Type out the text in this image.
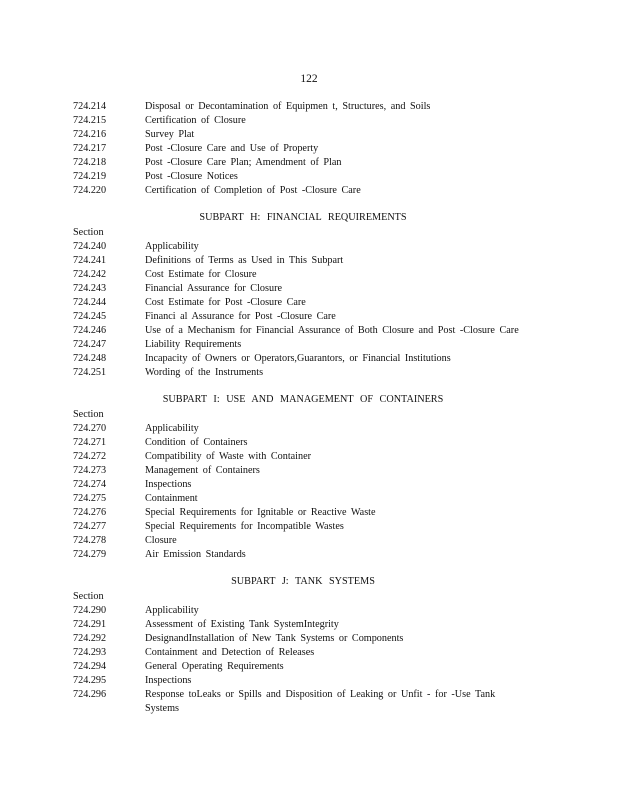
122
724.214	Disposal or Decontamination of Equipmen t, Structures, and Soils
724.215	Certification of Closure
724.216	Survey Plat
724.217	Post -Closure Care and Use of Property
724.218	Post -Closure Care Plan; Amendment of Plan
724.219	Post -Closure Notices
724.220	Certification of Completion of Post -Closure Care
SUBPART H: FINANCIAL REQUIREMENTS
Section
724.240	Applicability
724.241	Definitions of Terms as Used in This Subpart
724.242	Cost Estimate for Closure
724.243	Financial Assurance for Closure
724.244	Cost Estimate for Post -Closure Care
724.245	Financi al Assurance for Post -Closure Care
724.246	Use of a Mechanism for Financial Assurance of Both Closure and Post -Closure Care
724.247	Liability Requirements
724.248	Incapacity of Owners or Operators,Guarantors, or Financial Institutions
724.251	Wording of the Instruments
SUBPART I: USE AND MANAGEMENT OF CONTAINERS
Section
724.270	Applicability
724.271	Condition of Containers
724.272	Compatibility of Waste with Container
724.273	Management of Containers
724.274	Inspections
724.275	Containment
724.276	Special Requirements for Ignitable or Reactive Waste
724.277	Special Requirements for Incompatible Wastes
724.278	Closure
724.279	Air Emission Standards
SUBPART J: TANK SYSTEMS
Section
724.290	Applicability
724.291	Assessment of Existing Tank SystemIntegrity
724.292	DesignandInstallation of New Tank Systems or Components
724.293	Containment and Detection of Releases
724.294	General Operating Requirements
724.295	Inspections
724.296	Response toLeaks or Spills and Disposition of Leaking or Unfit - for -Use Tank Systems
